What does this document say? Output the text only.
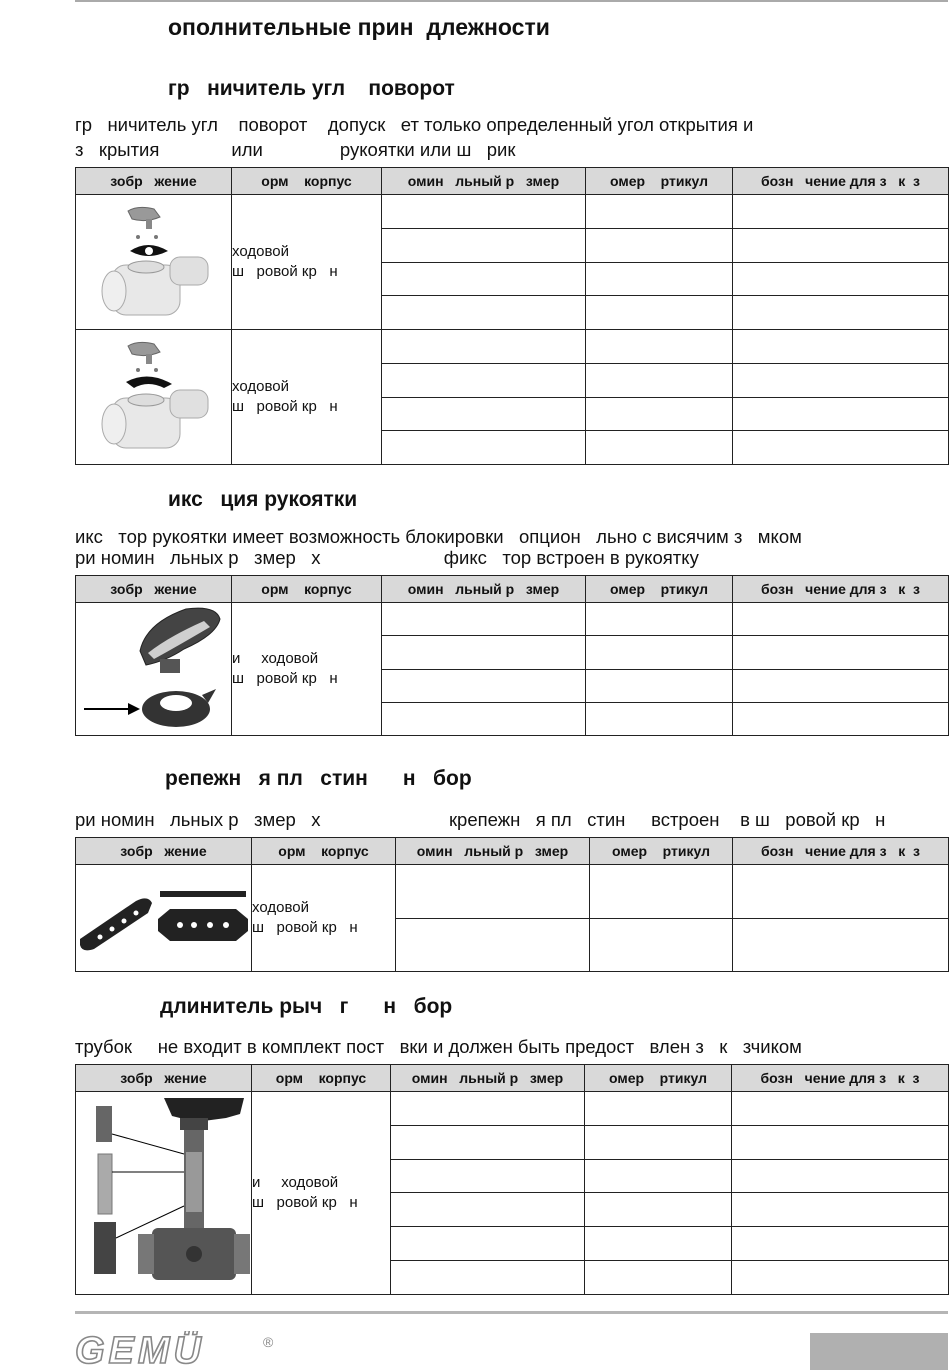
ополнительные прин  длежности
гр   ничитель угл    поворот
гр   ничитель угл    поворот    допуск   ет только определенный угол открытия и
з   крытия              или               рукоятки или ш   рик
зобр   жение	орм    корпус	омин   льный р   змер	омер    ртикул	бозн   чение для з   к  з

	ходовой
ш   ровой кр   н			

	ходовой
ш   ровой кр   н			

икс   ция рукоятки
икс   тор рукоятки имеет возможность блокировки   опцион   льно с висячим з   мком
ри номин   льных р   змер   х                        фикс   тор встроен в рукоятку
зобр   жение	орм    корпус	омин   льный р   змер	омер    ртикул	бозн   чение для з   к  з

	и     ходовой
ш   ровой кр   н			

репежн   я пл   стин      н   бор
ри номин   льных р   змер   х                         крепежн   я пл   стин     встроен    в ш   ровой кр   н
зобр   жение	орм    корпус	омин   льный р   змер	омер    ртикул	бозн   чение для з   к  з

	ходовой
ш   ровой кр   н			

длинитель рыч   г      н   бор
трубок     не входит в комплект пост   вки и должен быть предост   влен з   к   зчиком
зобр   жение	орм    корпус	омин   льный р   змер	омер    ртикул	бозн   чение для з   к  з

	и     ходовой
ш   ровой кр   н			

GEMÜ	®
